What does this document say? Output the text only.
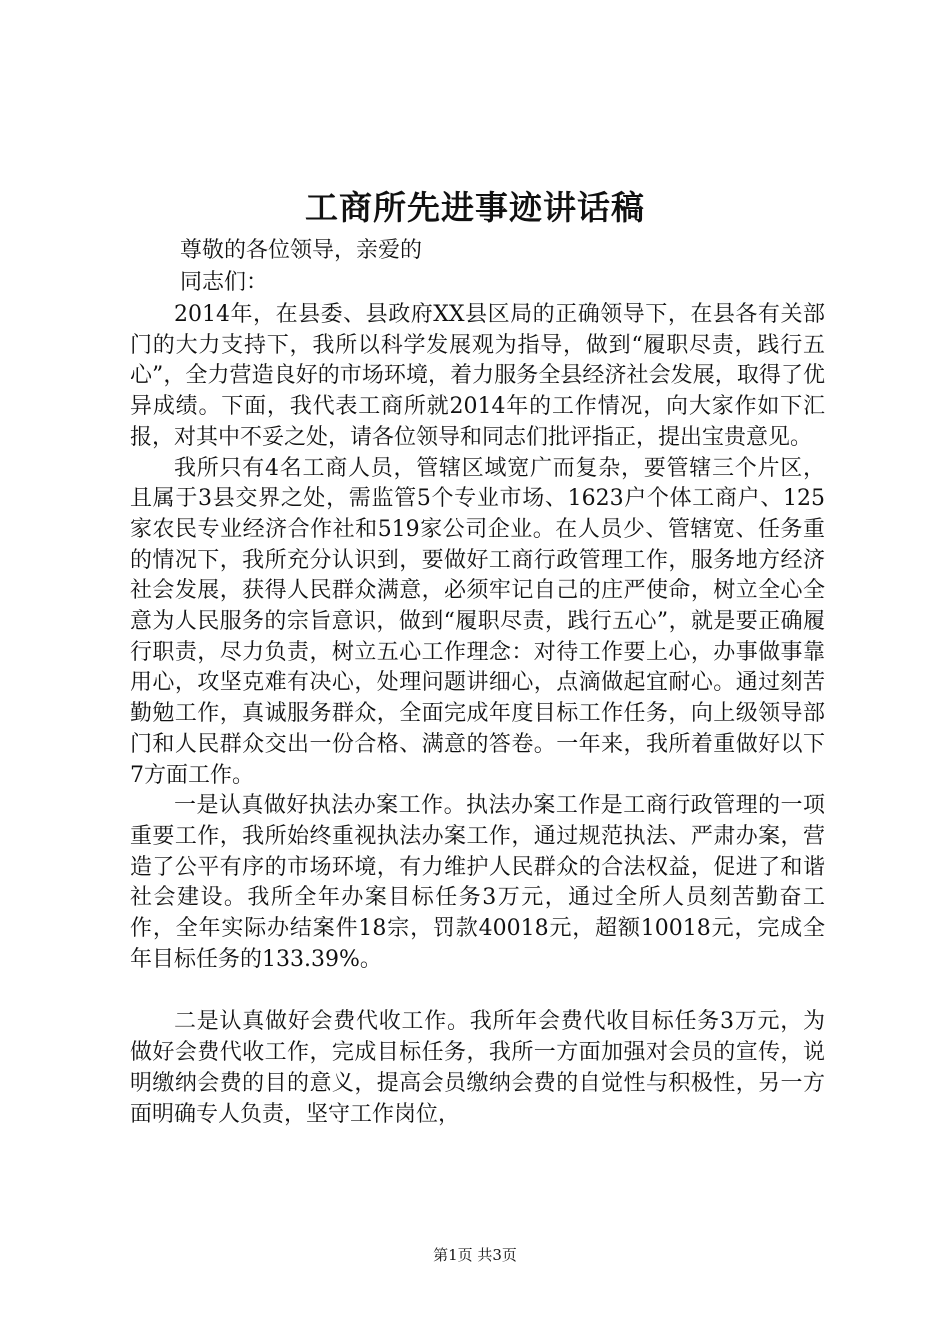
工商所先进事迹讲话稿

尊敬的各位领导，亲爱的

同志们：

2014年，在县委、县政府XX县区局的正确领导下，在县各有关部门的大力支持下，我所以科学发展观为指导，做到“履职尽责，践行五心”，全力营造良好的市场环境，着力服务全县经济社会发展，取得了优异成绩。下面，我代表工商所就2014年的工作情况，向大家作如下汇报，对其中不妥之处，请各位领导和同志们批评指正，提出宝贵意见。

我所只有4名工商人员，管辖区域宽广而复杂，要管辖三个片区，且属于3县交界之处，需监管5个专业市场、1623户个体工商户、125家农民专业经济合作社和519家公司企业。在人员少、管辖宽、任务重的情况下，我所充分认识到，要做好工商行政管理工作，服务地方经济社会发展，获得人民群众满意，必须牢记自己的庄严使命，树立全心全意为人民服务的宗旨意识，做到“履职尽责，践行五心”，就是要正确履行职责，尽力负责，树立五心工作理念：对待工作要上心，办事做事靠用心，攻坚克难有决心，处理问题讲细心，点滴做起宜耐心。通过刻苦勤勉工作，真诚服务群众，全面完成年度目标工作任务，向上级领导部门和人民群众交出一份合格、满意的答卷。一年来，我所着重做好以下7方面工作。

一是认真做好执法办案工作。执法办案工作是工商行政管理的一项重要工作，我所始终重视执法办案工作，通过规范执法、严肃办案，营造了公平有序的市场环境，有力维护人民群众的合法权益，促进了和谐社会建设。我所全年办案目标任务3万元，通过全所人员刻苦勤奋工作，全年实际办结案件18宗，罚款40018元，超额10018元，完成全年目标任务的133.39%。

二是认真做好会费代收工作。我所年会费代收目标任务3万元，为做好会费代收工作，完成目标任务，我所一方面加强对会员的宣传，说明缴纳会费的目的意义，提高会员缴纳会费的自觉性与积极性，另一方面明确专人负责，坚守工作岗位，

第1页 共3页
